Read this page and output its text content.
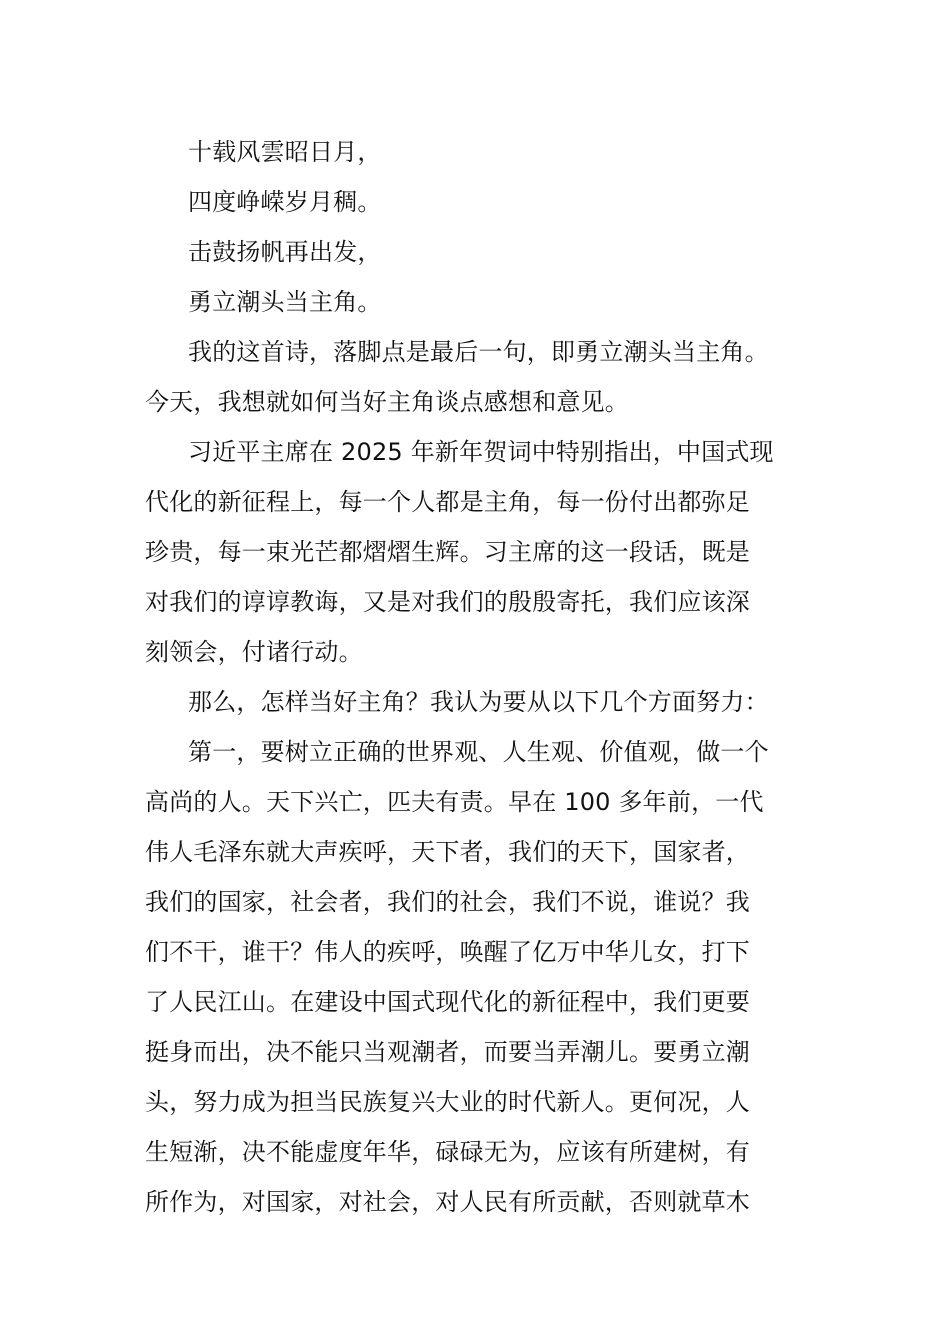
十载风雲昭日月，
四度峥嵘岁月稠。
击鼓扬帆再出发，
勇立潮头当主角。
我的这首诗，落脚点是最后一句，即勇立潮头当主角。
今天，我想就如何当好主角谈点感想和意见。
习近平主席在 2025 年新年贺词中特别指出，中国式现
代化的新征程上，每一个人都是主角，每一份付出都弥足
珍贵，每一束光芒都熠熠生辉。习主席的这一段话，既是
对我们的谆谆教诲，又是对我们的殷殷寄托，我们应该深
刻领会，付诸行动。
那么，怎样当好主角？我认为要从以下几个方面努力：
第一，要树立正确的世界观、人生观、价值观，做一个
高尚的人。天下兴亡，匹夫有责。早在 100 多年前，一代
伟人毛泽东就大声疾呼，天下者，我们的天下，国家者，
我们的国家，社会者，我们的社会，我们不说，谁说？我
们不干，谁干？伟人的疾呼，唤醒了亿万中华儿女，打下
了人民江山。在建设中国式现代化的新征程中，我们更要
挺身而出，决不能只当观潮者，而要当弄潮儿。要勇立潮
头，努力成为担当民族复兴大业的时代新人。更何况，人
生短渐，决不能虚度年华，碌碌无为，应该有所建树，有
所作为，对国家，对社会，对人民有所贡献，否则就草木
